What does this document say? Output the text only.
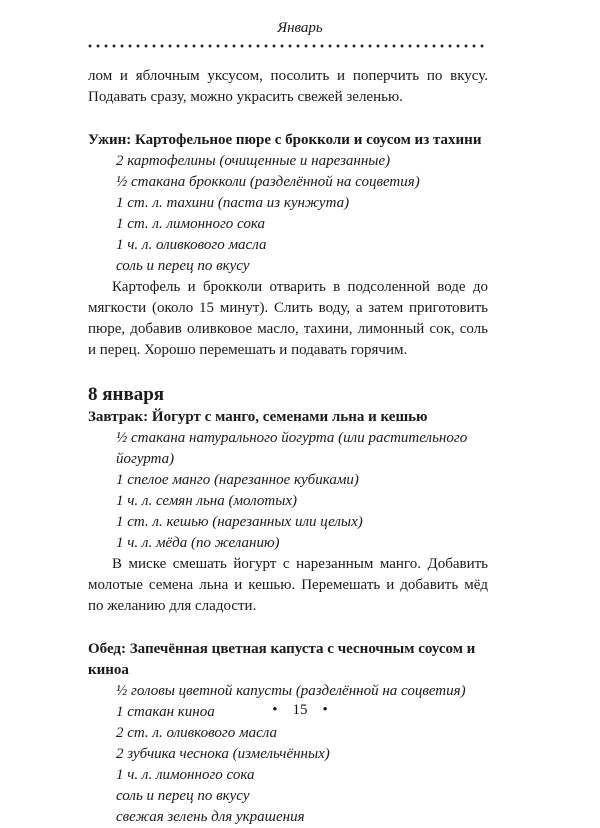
Январь

лом и яблочным уксусом, посолить и поперчить по вкусу. Подавать сразу, можно украсить свежей зеленью.

Ужин: Картофельное пюре с брокколи и соусом из тахини

2 картофелины (очищенные и нарезанные)

½ стакана брокколи (разделённой на соцветия)

1 ст. л. тахини (паста из кунжута)

1 ст. л. лимонного сока

1 ч. л. оливкового масла

соль и перец по вкусу

Картофель и брокколи отварить в подсоленной воде до мягкости (около 15 минут). Слить воду, а затем приготовить пюре, добавив оливковое масло, тахини, лимонный сок, соль и перец. Хорошо перемешать и подавать горячим.

8 января

Завтрак: Йогурт с манго, семенами льна и кешью

½ стакана натурального йогурта (или растительного йогурта)

1 спелое манго (нарезанное кубиками)

1 ч. л. семян льна (молотых)

1 ст. л. кешью (нарезанных или целых)

1 ч. л. мёда (по желанию)

В миске смешать йогурт с нарезанным манго. Добавить молотые семена льна и кешью. Перемешать и добавить мёд по желанию для сладости.

Обед: Запечённая цветная капуста с чесночным соусом и киноа

½ головы цветной капусты (разделённой на соцветия)

1 стакан киноа

2 ст. л. оливкового масла

2 зубчика чеснока (измельчённых)

1 ч. л. лимонного сока

соль и перец по вкусу

свежая зелень для украшения

• 15 •
